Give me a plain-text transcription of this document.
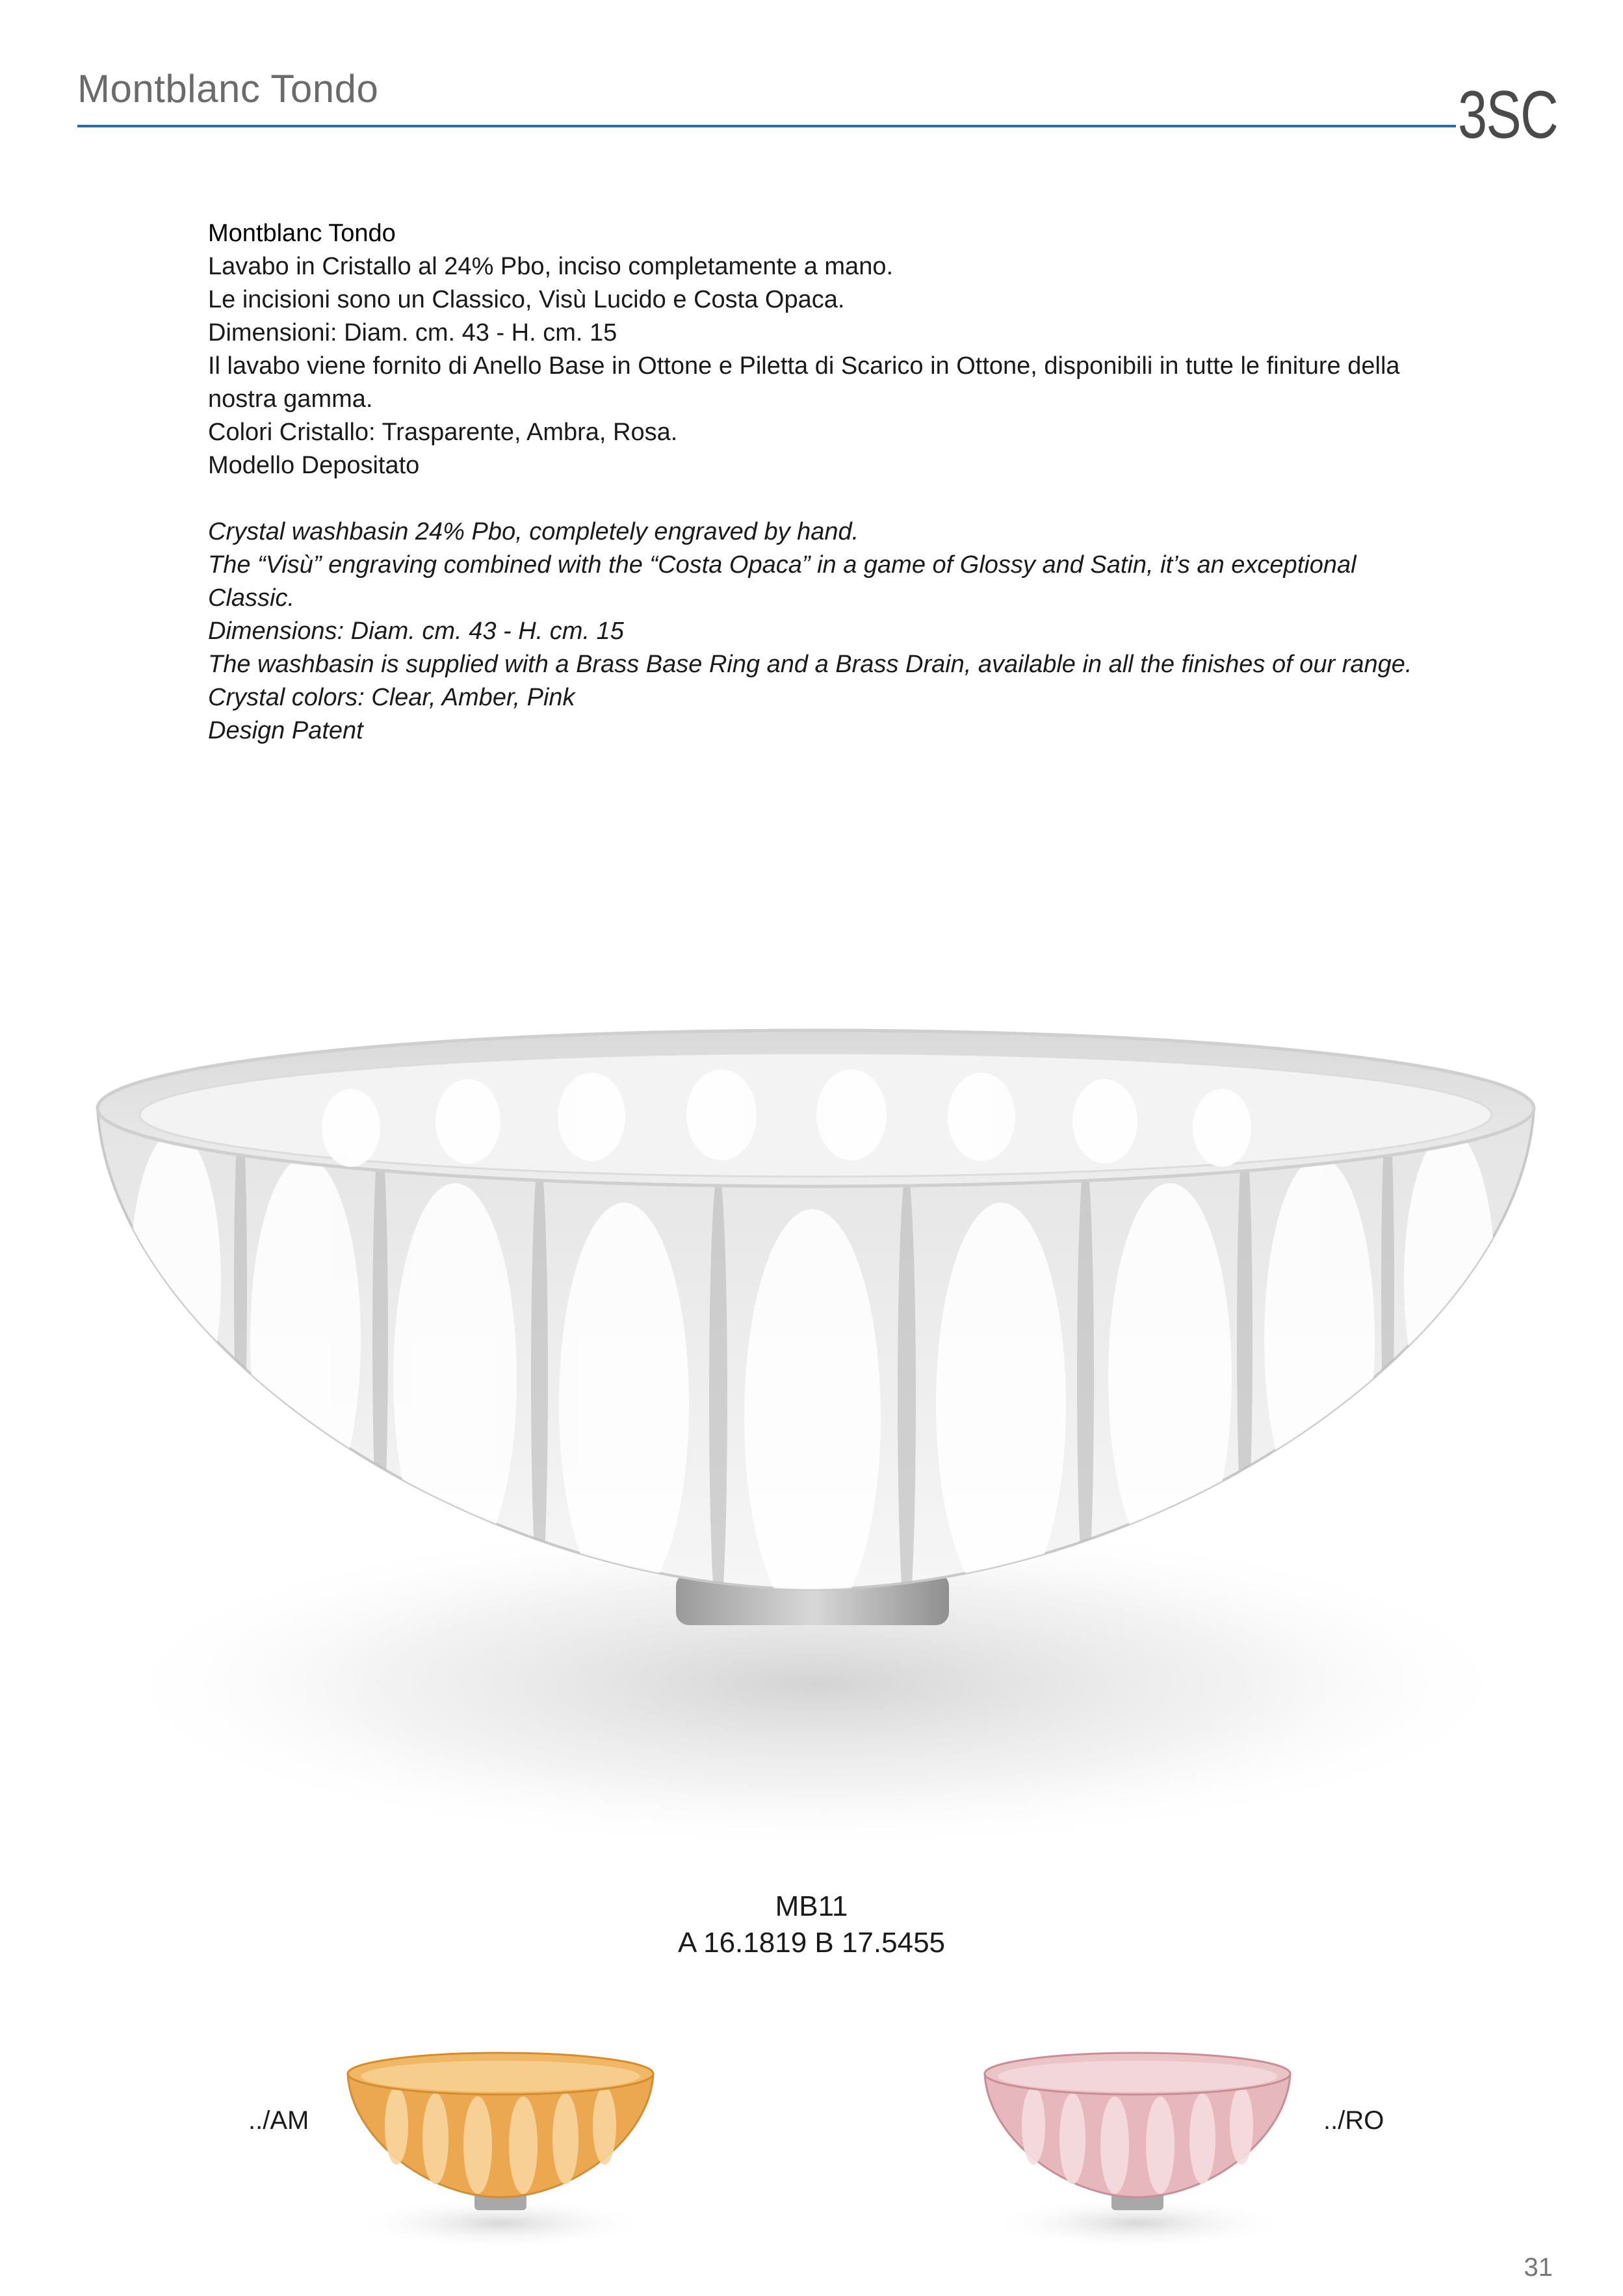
Montblanc Tondo	3SC
Montblanc Tondo
Lavabo in Cristallo al 24% Pbo, inciso completamente a mano.
Le incisioni sono un Classico, Visù Lucido e Costa Opaca.
Dimensioni: Diam. cm. 43 - H. cm. 15
Il lavabo viene fornito di Anello Base in Ottone e Piletta di Scarico in Ottone, disponibili in tutte le finiture della
nostra gamma.
Colori Cristallo: Trasparente, Ambra, Rosa.
Modello Depositato
Crystal washbasin 24% Pbo, completely engraved by hand.
The “Visù” engraving combined with the “Costa Opaca” in a game of Glossy and Satin, it’s an exceptional
Classic.
Dimensions: Diam. cm. 43 - H. cm. 15
The washbasin is supplied with a Brass Base Ring and a Brass Drain, available in all the finishes of our range.
Crystal colors: Clear, Amber, Pink
Design Patent
MB11
A 16.1819 B 17.5455
../AM	../RO
31
